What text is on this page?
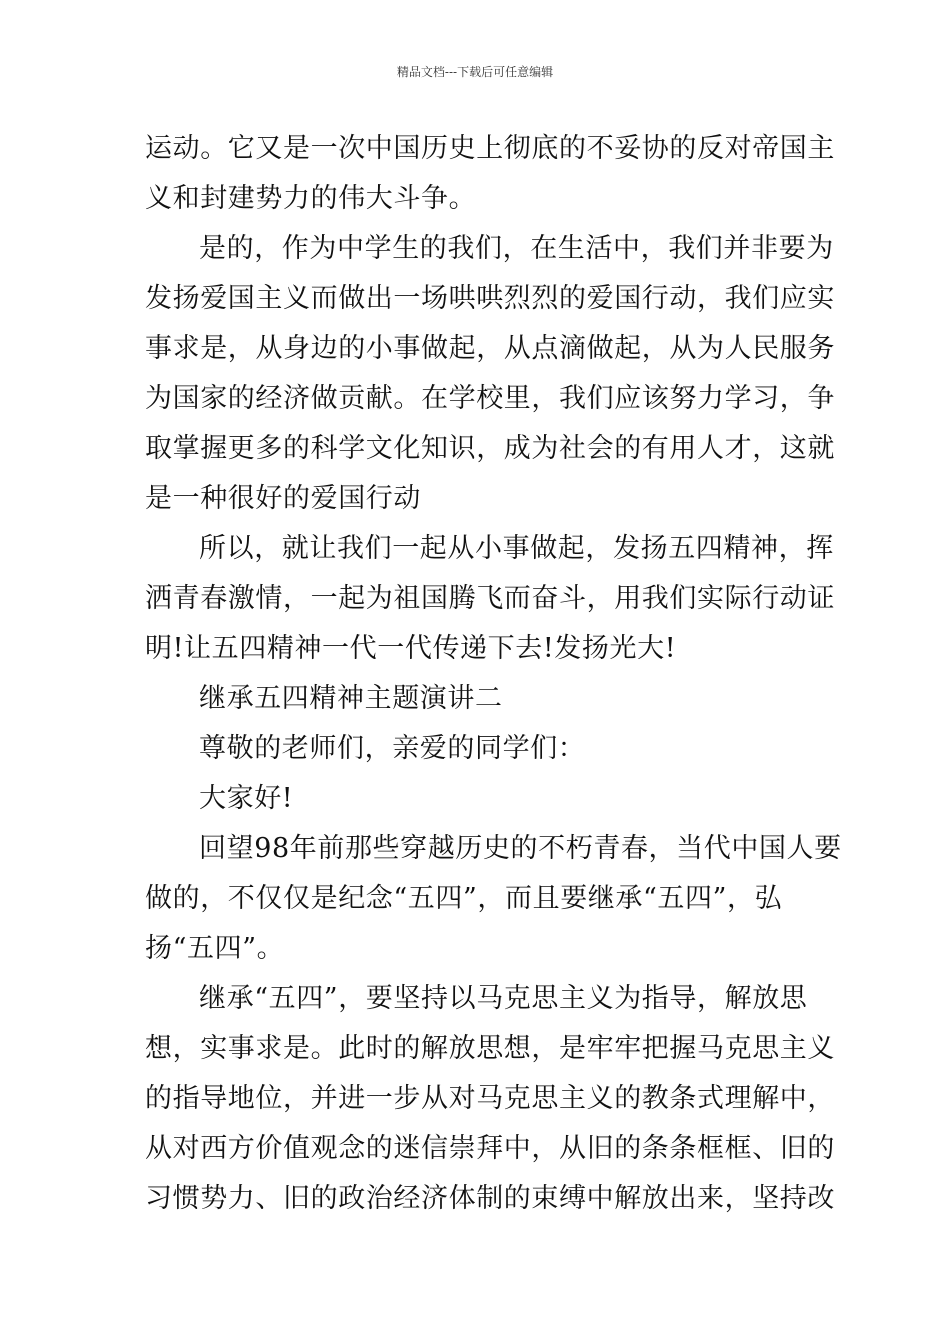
精品文档---下载后可任意编辑
运动。它又是一次中国历史上彻底的不妥协的反对帝国主
义和封建势力的伟大斗争。
是的，作为中学生的我们，在生活中，我们并非要为
发扬爱国主义而做出一场哄哄烈烈的爱国行动，我们应实
事求是，从身边的小事做起，从点滴做起，从为人民服务
为国家的经济做贡献。在学校里，我们应该努力学习，争
取掌握更多的科学文化知识，成为社会的有用人才，这就
是一种很好的爱国行动
所以，就让我们一起从小事做起，发扬五四精神，挥
洒青春激情，一起为祖国腾飞而奋斗，用我们实际行动证
明!让五四精神一代一代传递下去!发扬光大!
继承五四精神主题演讲二
尊敬的老师们，亲爱的同学们：
大家好!
回望98年前那些穿越历史的不朽青春，当代中国人要
做的，不仅仅是纪念“五四”，而且要继承“五四”，弘
扬“五四”。
继承“五四”，要坚持以马克思主义为指导，解放思
想，实事求是。此时的解放思想，是牢牢把握马克思主义
的指导地位，并进一步从对马克思主义的教条式理解中，
从对西方价值观念的迷信崇拜中，从旧的条条框框、旧的
习惯势力、旧的政治经济体制的束缚中解放出来，坚持改
